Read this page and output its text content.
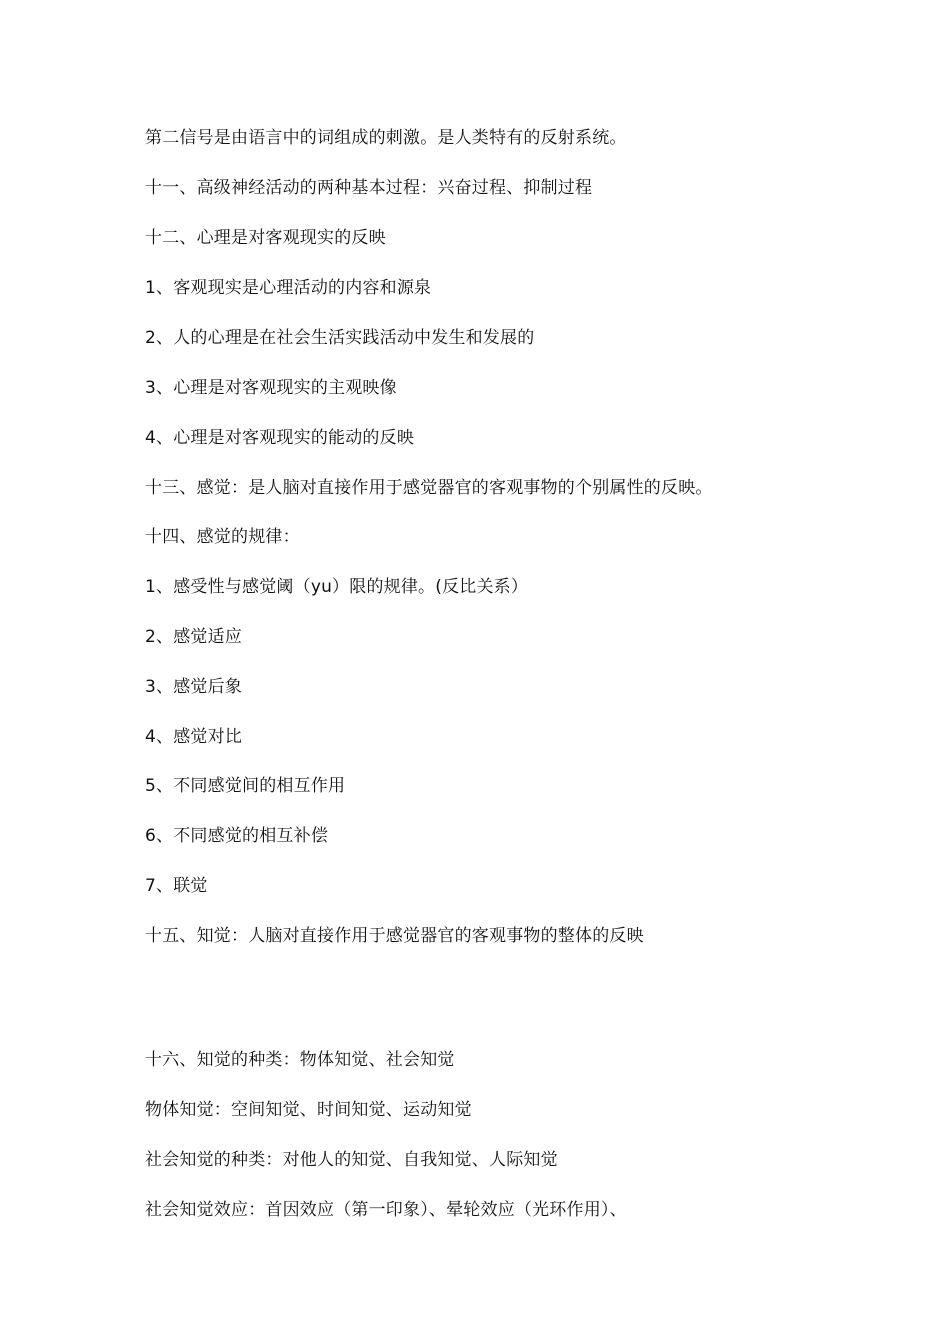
第二信号是由语言中的词组成的刺激。是人类特有的反射系统。
十一、高级神经活动的两种基本过程：兴奋过程、抑制过程
十二、心理是对客观现实的反映
1、客观现实是心理活动的内容和源泉
2、人的心理是在社会生活实践活动中发生和发展的
3、心理是对客观现实的主观映像
4、心理是对客观现实的能动的反映
十三、感觉：是人脑对直接作用于感觉器官的客观事物的个别属性的反映。
十四、感觉的规律：
1、感受性与感觉阈（yu）限的规律。(反比关系）
2、感觉适应
3、感觉后象
4、感觉对比
5、不同感觉间的相互作用
6、不同感觉的相互补偿
7、联觉
十五、知觉：人脑对直接作用于感觉器官的客观事物的整体的反映
十六、知觉的种类：物体知觉、社会知觉
物体知觉：空间知觉、时间知觉、运动知觉
社会知觉的种类：对他人的知觉、自我知觉、人际知觉
社会知觉效应：首因效应（第一印象）、晕轮效应（光环作用）、
